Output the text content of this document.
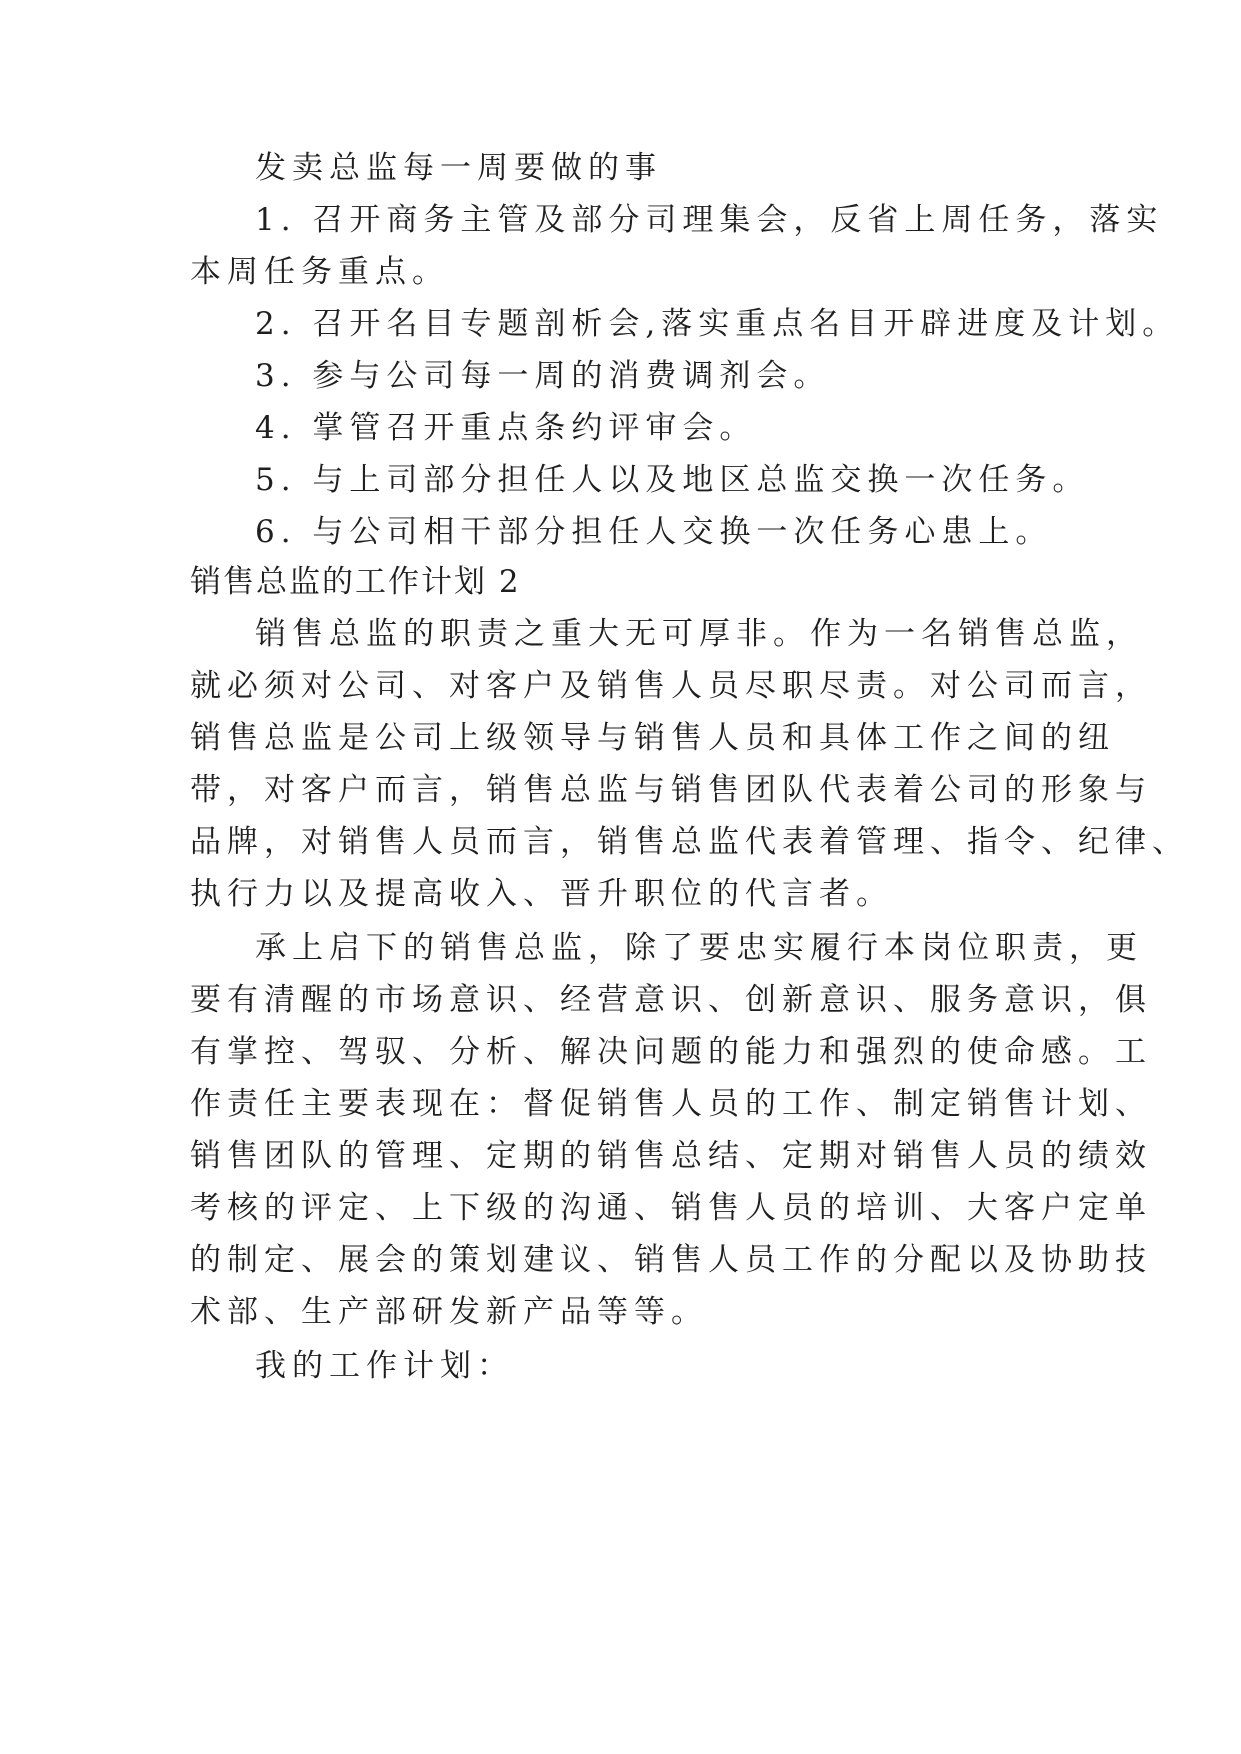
发卖总监每一周要做的事

1. 召开商务主管及部分司理集会，反省上周任务，落实

本周任务重点。

2. 召开名目专题剖析会,落实重点名目开辟进度及计划。

3. 参与公司每一周的消费调剂会。

4. 掌管召开重点条约评审会。

5. 与上司部分担任人以及地区总监交换一次任务。

6. 与公司相干部分担任人交换一次任务心患上。

销售总监的工作计划 2

销售总监的职责之重大无可厚非。作为一名销售总监，

就必须对公司、对客户及销售人员尽职尽责。对公司而言，

销售总监是公司上级领导与销售人员和具体工作之间的纽

带，对客户而言，销售总监与销售团队代表着公司的形象与

品牌，对销售人员而言，销售总监代表着管理、指令、纪律、

执行力以及提高收入、晋升职位的代言者。

承上启下的销售总监，除了要忠实履行本岗位职责，更

要有清醒的市场意识、经营意识、创新意识、服务意识，俱

有掌控、驾驭、分析、解决问题的能力和强烈的使命感。工

作责任主要表现在：督促销售人员的工作、制定销售计划、

销售团队的管理、定期的销售总结、定期对销售人员的绩效

考核的评定、上下级的沟通、销售人员的培训、大客户定单

的制定、展会的策划建议、销售人员工作的分配以及协助技

术部、生产部研发新产品等等。

我的工作计划：
